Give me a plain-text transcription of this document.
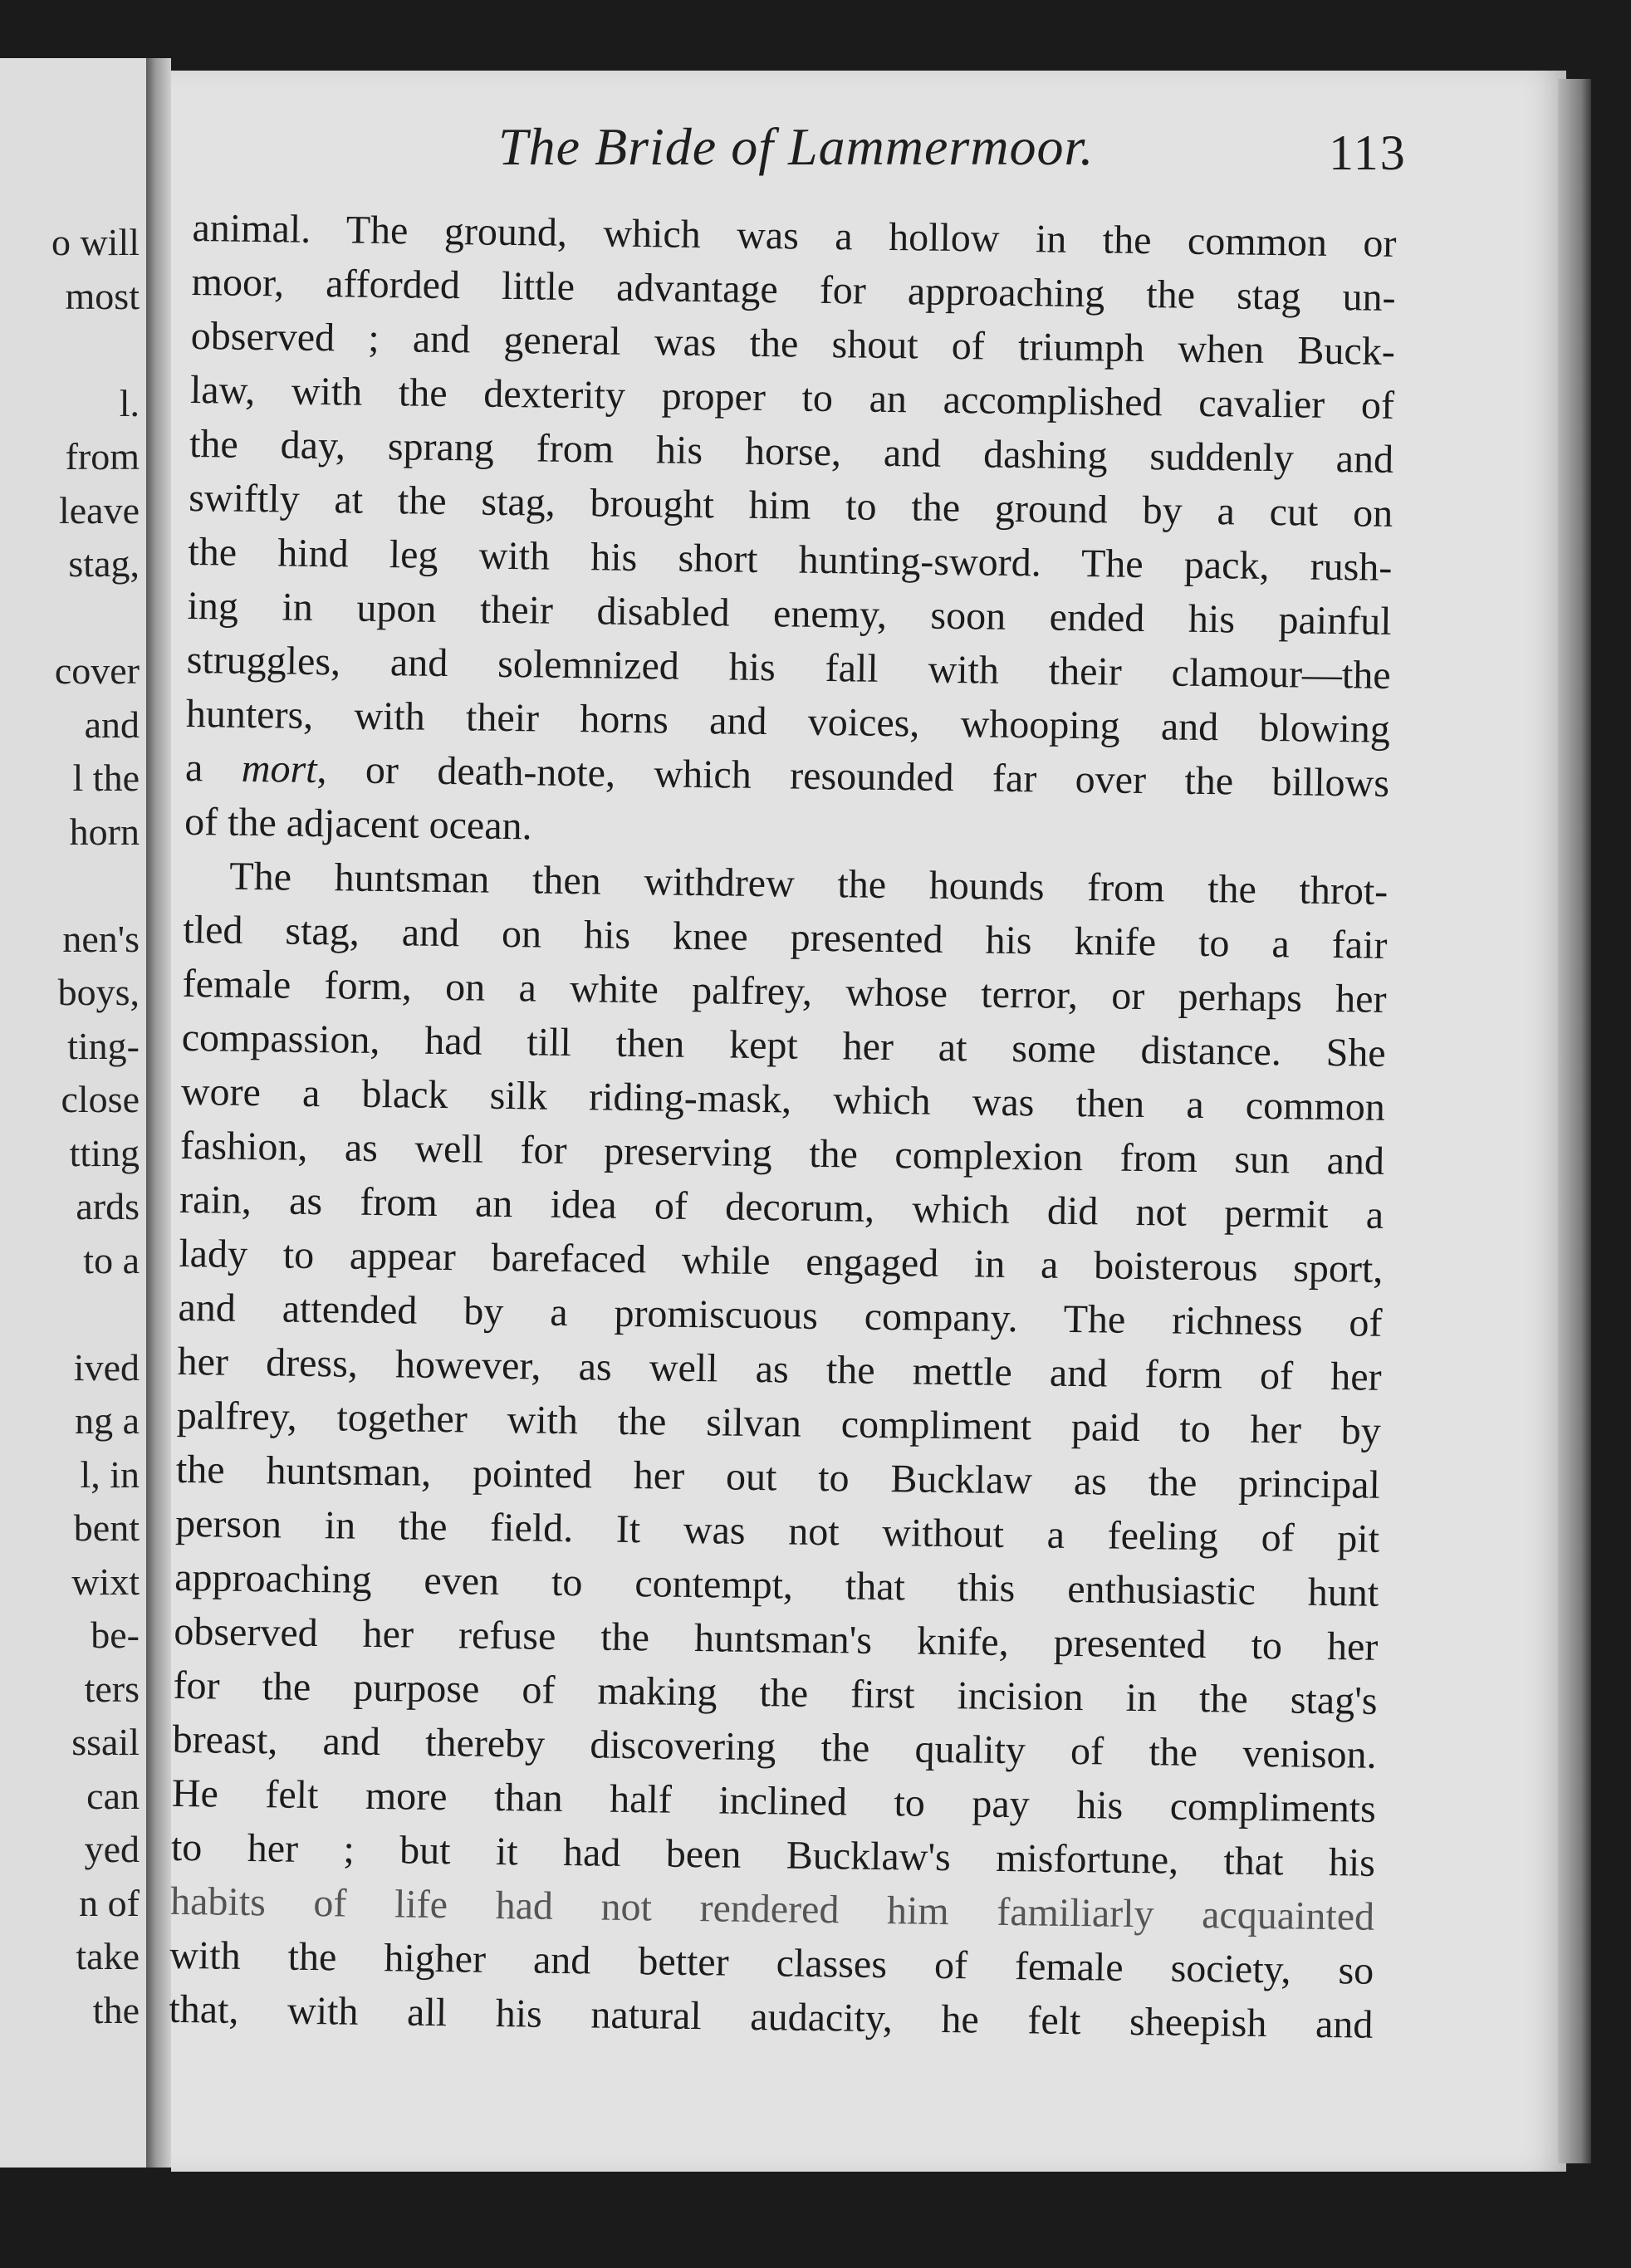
o will
most
l.
from
leave
stag,
cover
and
l the
horn
nen's
boys,
ting-
close
tting
ards
to a
ived
ng a
l, in
bent
wixt
be-
ters
ssail
can
yed
n of
take
the
The Bride of Lammermoor.	113
animal. The ground, which was a hollow in the common or
moor, afforded little advantage for approaching the stag un-
observed ; and general was the shout of triumph when Buck-
law, with the dexterity proper to an accomplished cavalier of
the day, sprang from his horse, and dashing suddenly and
swiftly at the stag, brought him to the ground by a cut on
the hind leg with his short hunting-sword. The pack, rush-
ing in upon their disabled enemy, soon ended his painful
struggles, and solemnized his fall with their clamour—the
hunters, with their horns and voices, whooping and blowing
a mort, or death-note, which resounded far over the billows
of the adjacent ocean.
The huntsman then withdrew the hounds from the throt-
tled stag, and on his knee presented his knife to a fair
female form, on a white palfrey, whose terror, or perhaps her
compassion, had till then kept her at some distance. She
wore a black silk riding-mask, which was then a common
fashion, as well for preserving the complexion from sun and
rain, as from an idea of decorum, which did not permit a
lady to appear barefaced while engaged in a boisterous sport,
and attended by a promiscuous company. The richness of
her dress, however, as well as the mettle and form of her
palfrey, together with the silvan compliment paid to her by
the huntsman, pointed her out to Bucklaw as the principal
person in the field. It was not without a feeling of pit
approaching even to contempt, that this enthusiastic hunt
observed her refuse the huntsman's knife, presented to her
for the purpose of making the first incision in the stag's
breast, and thereby discovering the quality of the venison.
He felt more than half inclined to pay his compliments
to her ; but it had been Bucklaw's misfortune, that his
habits of life had not rendered him familiarly acquainted
with the higher and better classes of female society, so
that, with all his natural audacity, he felt sheepish and
